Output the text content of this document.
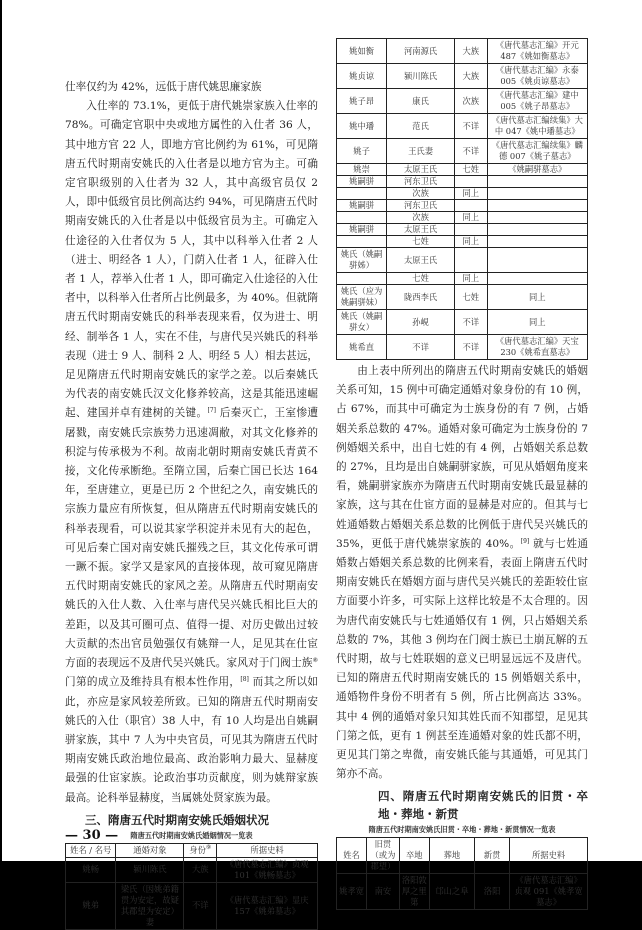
仕率仅约为 42%，远低于唐代姚思廉家族

入仕率的 73.1%，更低于唐代姚崇家族入仕率的 78%。可确定官职中央或地方属性的入仕者 36 人，其中地方官 22 人，即地方官比例约为 61%，可见隋唐五代时期南安姚氏的入仕者是以地方官为主。可确定官职级别的入仕者为 32 人，其中高级官员仅 2 人，即中低级官员比例高达约 94%，可见隋唐五代时期南安姚氏的入仕者是以中低级官员为主。可确定入仕途径的入仕者仅为 5 人，其中以科举入仕者 2 人（进士、明经各 1 人），门荫入仕者 1 人，征辟入仕者 1 人，荐举入仕者 1 人，即可确定入仕途径的入仕者中，以科举入仕者所占比例最多，为 40%。但就隋唐五代时期南安姚氏的科举表现来看，仅为进士、明经、制举各 1 人，实在不佳，与唐代吴兴姚氏的科举表现（进士 9 人、制科 2 人、明经 5 人）相去甚远，足见隋唐五代时期南安姚氏的家学之差。以后秦姚氏为代表的南安姚氏汉文化修养较高，这是其能迅速崛起、建国并卓有建树的关键。[7] 后秦灭亡，王室惨遭屠戮，南安姚氏宗族势力迅速凋敝，对其文化修养的积淀与传承极为不利。故南北朝时期南安姚氏青黄不接，文化传承断绝。至隋立国，后秦亡国已长达 164 年，至唐建立，更是已历 2 个世纪之久，南安姚氏的宗族力量应有所恢复，但从隋唐五代时期南安姚氏的科举表现看，可以说其家学积淀并未见有大的起色，可见后秦亡国对南安姚氏摧残之巨，其文化传承可谓一蹶不振。家学又是家风的直接体现，故可窥见隋唐五代时期南安姚氏的家风之差。从隋唐五代时期南安姚氏的入仕人数、入仕率与唐代吴兴姚氏相比巨大的差距，以及其可圈可点、值得一提、对历史做出过较大贡献的杰出官员勉强仅有姚辩一人，足见其在仕宦方面的表现远不及唐代吴兴姚氏。家风对于门阀士族⑧门第的成立及维持具有根本性作用，[8] 而其之所以如此，亦应是家风较差所致。已知的隋唐五代时期南安姚氏的入仕（职官）38 人中，有 10 人均是出自姚嗣骈家族，其中 7 人为中央官员，可见其为隋唐五代时期南安姚氏政治地位最高、政治影响力最大、显赫度最强的仕宦家族。论政治事功贡献度，则为姚辩家族最高。论科举显赫度，当属姚处贤家族为最。

三、隋唐五代时期南安姚氏婚姻状况
隋唐五代时期南安姚氏婚姻情况一览表
姓名 / 名号	通婚对象	身份⑨	所据史料
姚畅	颍川陈氏	大族	《唐代墓志汇编》贞观 101《姚畅墓志》
姚弟	梁氏（因姚弟籍贯为安定，故疑其郡望为安定）妻	不详	《唐代墓志汇编》显庆 157《姚弟墓志》
姚如衡	河南源氏	大族	《唐代墓志汇编》开元 487《姚如衡墓志》
姚贞谅	颍川陈氏	大族	《唐代墓志汇编》永泰 005《姚贞谅墓志》
姚子昂	康氏	次族	《唐代墓志汇编》建中 005《姚子昂墓志》
姚中璠	范氏	不详	《唐代墓志汇编续集》大中 047《姚中璠墓志》
姚子	王氏妻	不详	《唐代墓志汇编续集》麟德 007《姚子墓志》
姚崇	太原王氏	七姓	《姚嗣骈墓志》
姚嗣骈	河东卫氏		
	次族	同上	
姚嗣骈	河东卫氏		
	次族	同上	
姚嗣骈	太原王氏		
	七姓	同上	
姚氏（姚嗣骈姊）	太原王氏		
	七姓	同上	
姚氏（应为姚嗣骈妹）	陇西李氏	七姓	同上
姚氏（姚嗣骈女）	孙峴	不详	同上
姚希直	不详	不详	《唐代墓志汇编》天宝 230《姚希直墓志》

由上表中所列出的隋唐五代时期南安姚氏的婚姻关系可知，15 例中可确定通婚对象身份的有 10 例，占 67%，而其中可确定为士族身份的有 7 例，占婚姻关系总数的 47%。通婚对象可确定为士族身份的 7 例婚姻关系中，出自七姓的有 4 例，占婚姻关系总数的 27%，且均是出自姚嗣骈家族，可见从婚姻角度来看，姚嗣骈家族亦为隋唐五代时期南安姚氏最显赫的家族，这与其在仕宦方面的显赫是对应的。但其与七姓通婚数占婚姻关系总数的比例低于唐代吴兴姚氏的 35%，更低于唐代姚崇家族的 40%。[9] 就与七姓通婚数占婚姻关系总数的比例来看，表面上隋唐五代时期南安姚氏在婚姻方面与唐代吴兴姚氏的差距较仕宦方面要小许多，可实际上这样比较是不太合理的。因为唐代南安姚氏与七姓通婚仅有 1 例，只占婚姻关系总数的 7%，其他 3 例均在门阀士族已土崩瓦解的五代时期，故与七姓联姻的意义已明显远远不及唐代。已知的隋唐五代时期南安姚氏的 15 例婚姻关系中，通婚物件身份不明者有 5 例，所占比例高达 33%。其中 4 例的通婚对象只知其姓氏而不知郡望，足见其门第之低，更有 1 例甚至连通婚对象的姓氏都不明，更见其门第之卑微，南安姚氏能与其通婚，可见其门第亦不高。

四、隋唐五代时期南安姚氏的旧贯・卒地・葬地・新贯
隋唐五代时期南安姚氏旧贯・卒地・葬地・新贯情况一览表
姓名	旧贯（或为郡望）	卒地	葬地	新贯	所据史料
姚孝宽	南安	洛阳敦厚之里第	邙山之阜	洛阳	《唐代墓志汇编》贞观 091《姚孝宽墓志》
— 30 —
